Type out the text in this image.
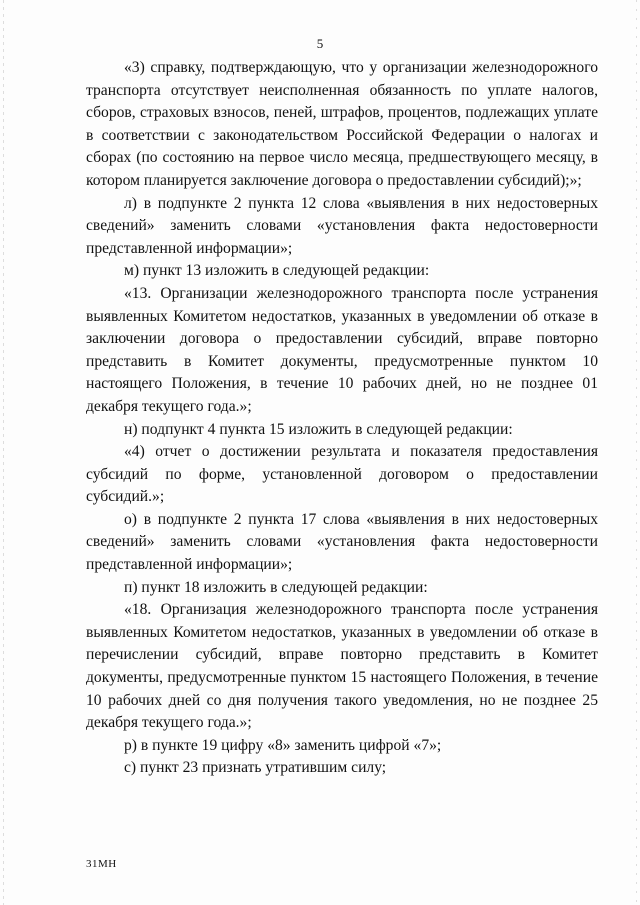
5

«3) справку, подтверждающую, что у организации железнодорожного транспорта отсутствует неисполненная обязанность по уплате налогов, сборов, страховых взносов, пеней, штрафов, процентов, подлежащих уплате в соответствии с законодательством Российской Федерации о налогах и сборах (по состоянию на первое число месяца, предшествующего месяцу, в котором планируется заключение договора о предоставлении субсидий);»;

л) в подпункте 2 пункта 12 слова «выявления в них недостоверных сведений» заменить словами «установления факта недостоверности представленной информации»;

м) пункт 13 изложить в следующей редакции:

«13. Организации железнодорожного транспорта после устранения выявленных Комитетом недостатков, указанных в уведомлении об отказе в заключении договора о предоставлении субсидий, вправе повторно представить в Комитет документы, предусмотренные пунктом 10 настоящего Положения, в течение 10 рабочих дней, но не позднее 01 декабря текущего года.»;

н) подпункт 4 пункта 15 изложить в следующей редакции:

«4) отчет о достижении результата и показателя предоставления субсидий по форме, установленной договором о предоставлении субсидий.»;

о) в подпункте 2 пункта 17 слова «выявления в них недостоверных сведений» заменить словами «установления факта недостоверности представленной информации»;

п) пункт 18 изложить в следующей редакции:

«18. Организация железнодорожного транспорта после устранения выявленных Комитетом недостатков, указанных в уведомлении об отказе в перечислении субсидий, вправе повторно представить в Комитет документы, предусмотренные пунктом 15 настоящего Положения, в течение 10 рабочих дней со дня получения такого уведомления, но не позднее 25 декабря текущего года.»;

р) в пункте 19 цифру «8» заменить цифрой «7»;

с) пункт 23 признать утратившим силу;

31МН
